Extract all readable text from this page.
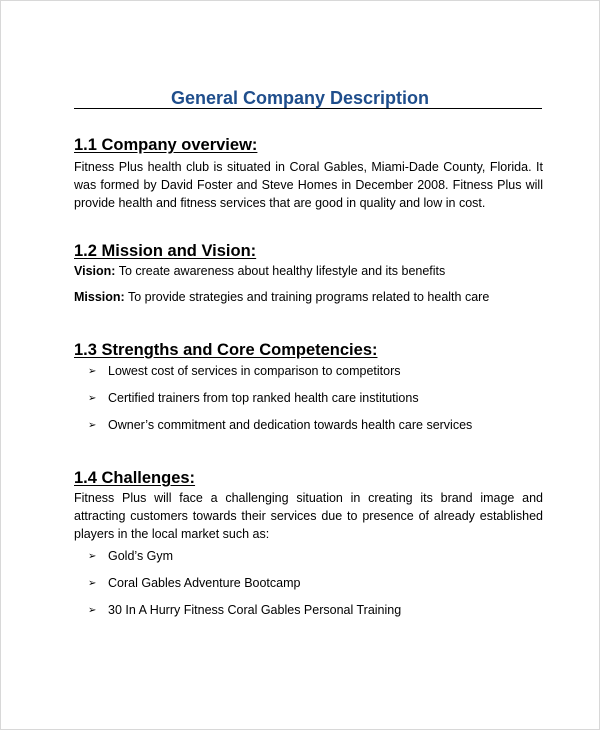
General Company Description
1.1 Company overview:

Fitness Plus health club is situated in Coral Gables, Miami-Dade County, Florida. It was formed by David Foster and Steve Homes in December 2008. Fitness Plus will provide health and fitness services that are good in quality and low in cost.

1.2 Mission and Vision:

Vision: To create awareness about healthy lifestyle and its benefits

Mission: To provide strategies and training programs related to health care

1.3 Strengths and Core Competencies:

➢ Lowest cost of services in comparison to competitors

➢ Certified trainers from top ranked health care institutions

➢ Owner’s commitment and dedication towards health care services

1.4 Challenges:

Fitness Plus will face a challenging situation in creating its brand image and attracting customers towards their services due to presence of already established players in the local market such as:

➢ Gold’s Gym

➢ Coral Gables Adventure Bootcamp

➢ 30 In A Hurry Fitness Coral Gables Personal Training
